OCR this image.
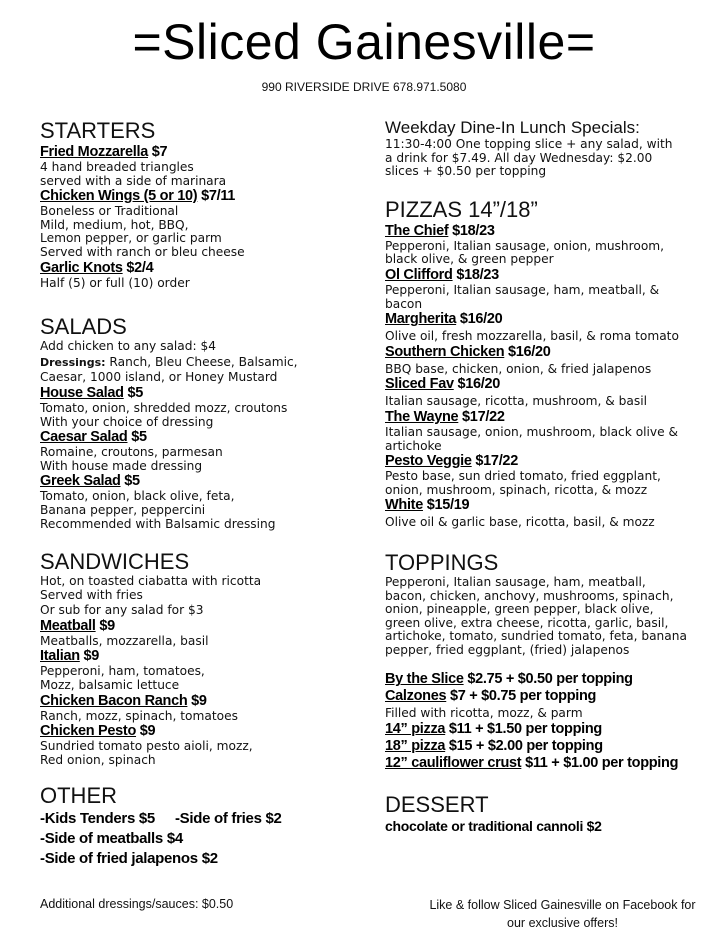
=Sliced Gainesville=
990 RIVERSIDE DRIVE 678.971.5080
STARTERS
Fried Mozzarella $7
4 hand breaded triangles
served with a side of marinara
Chicken Wings (5 or 10) $7/11
Boneless or Traditional
Mild, medium, hot, BBQ,
Lemon pepper, or garlic parm
Served with ranch or bleu cheese
Garlic Knots $2/4
Half (5) or full (10) order
SALADS
Add chicken to any salad: $4
Dressings: Ranch, Bleu Cheese, Balsamic,
Caesar, 1000 island, or Honey Mustard
House Salad $5
Tomato, onion, shredded mozz, croutons
With your choice of dressing
Caesar Salad $5
Romaine, croutons, parmesan
With house made dressing
Greek Salad $5
Tomato, onion, black olive, feta,
Banana pepper, peppercini
Recommended with Balsamic dressing
SANDWICHES
Hot, on toasted ciabatta with ricotta
Served with fries
Or sub for any salad for $3
Meatball $9
Meatballs, mozzarella, basil
Italian $9
Pepperoni, ham, tomatoes,
Mozz, balsamic lettuce
Chicken Bacon Ranch $9
Ranch, mozz, spinach, tomatoes
Chicken Pesto $9
Sundried tomato pesto aioli, mozz,
Red onion, spinach
OTHER
-Kids Tenders $5 -Side of fries $2
-Side of meatballs $4
-Side of fried jalapenos $2
Additional dressings/sauces: $0.50
Weekday Dine-In Lunch Specials:
11:30-4:00 One topping slice + any salad, with
a drink for $7.49. All day Wednesday: $2.00
slices + $0.50 per topping
PIZZAS 14”/18”
The Chief $18/23
Pepperoni, Italian sausage, onion, mushroom,
black olive, & green pepper
Ol Clifford $18/23
Pepperoni, Italian sausage, ham, meatball, &
bacon
Margherita $16/20
Olive oil, fresh mozzarella, basil, & roma tomato
Southern Chicken $16/20
BBQ base, chicken, onion, & fried jalapenos
Sliced Fav $16/20
Italian sausage, ricotta, mushroom, & basil
The Wayne $17/22
Italian sausage, onion, mushroom, black olive &
artichoke
Pesto Veggie $17/22
Pesto base, sun dried tomato, fried eggplant,
onion, mushroom, spinach, ricotta, & mozz
White $15/19
Olive oil & garlic base, ricotta, basil, & mozz
TOPPINGS
Pepperoni, Italian sausage, ham, meatball,
bacon, chicken, anchovy, mushrooms, spinach,
onion, pineapple, green pepper, black olive,
green olive, extra cheese, ricotta, garlic, basil,
artichoke, tomato, sundried tomato, feta, banana
pepper, fried eggplant, (fried) jalapenos
By the Slice $2.75 + $0.50 per topping
Calzones $7 + $0.75 per topping
Filled with ricotta, mozz, & parm
14” pizza $11 + $1.50 per topping
18” pizza $15 + $2.00 per topping
12” cauliflower crust $11 + $1.00 per topping
DESSERT
chocolate or traditional cannoli $2
Like & follow Sliced Gainesville on Facebook for
our exclusive offers!
